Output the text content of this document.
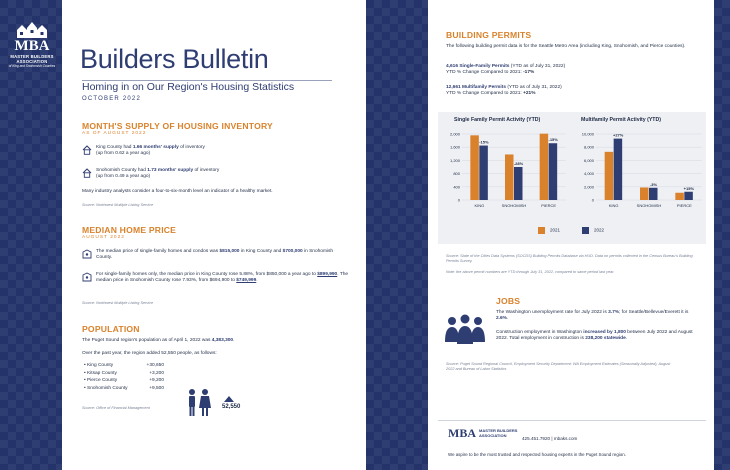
MBA
MASTER BUILDERS
ASSOCIATION
of King and Snohomish Counties Builders Bulletin
Homing in on Our Region's Housing Statistics
OCTOBER 2022
MONTH'S SUPPLY OF HOUSING INVENTORY
AS OF AUGUST 2022
King County had 1.66 months' supply of inventory
(up from 0.62 a year ago)
Snohomish County had 1.73 months' supply of inventory
(up from 0.49 a year ago)
Many industry analysts consider a four-to-six-month level an indicator of a healthy market.
Source: Northwest Multiple Listing Service
MEDIAN HOME PRICE
AUGUST 2022
The median price of single-family homes and condos was $815,000 in King County and $700,000 in Snohomish County.
For single-family homes only, the median price in King County rose 5.88%, from $850,000 a year ago to $899,990. The median price in Snohomish County rose 7.93%, from $694,900 to $749,999.
Source: Northwest Multiple Listing Service
POPULATION
The Puget Sound region's population as of April 1, 2022 was 4,383,300.
Over the past year, the region added 52,550 people, as follows:
• King County	+30,650
• Kitsap County	+3,200
• Pierce County	+9,200
• Snohomish County	+9,500
52,550
Source: Office of Financial Management
BUILDING PERMITS
The following building permit data is for the Seattle Metro Area (including King, Snohomish, and Pierce counties).
4,616 Single-Family Permits (YTD as of July 31, 2022)
YTD % Change Compared to 2021: -17%
12,661 Multifamily Permits (YTD as of July 31, 2022)
YTD % Change Compared to 2021: +21%
Single Family Permit Activity (YTD)	Multifamily Permit Activity (YTD)
0
400
800
1,200
1,600
2,000
-15%
KING
-28%
SNOHOMISH
-15%
PIERCE
0
2,000
4,000
6,000
8,000
10,000	+27%
KING
-3%
SNOHOMISH
+15%
PIERCE
2021	2022
Source: State of the Cities Data Systems (SOCDS) Building Permits Database via HUD. Data on permits collected in the Census Bureau's Building Permits Survey.
Note: the above permit numbers are YTD through July 31, 2022, compared to same period last year.
JOBS
The Washington unemployment rate for July 2022 is 3.7%; for Seattle/Bellevue/Everett it is 2.6%.
Construction employment in Washington increased by 1,800 between July 2022 and August 2022. Total employment in construction is 238,200 statewide.
Source: Puget Sound Regional Council, Employment Security Department: WA Employment Estimates (Seasonally Adjusted), August 2022 and Bureau of Labor Statistics
MBA MASTER BUILDERS
ASSOCIATION
425.451.7920 | mbaks.com
We aspire to be the most trusted and respected housing experts in the Puget Sound region.
